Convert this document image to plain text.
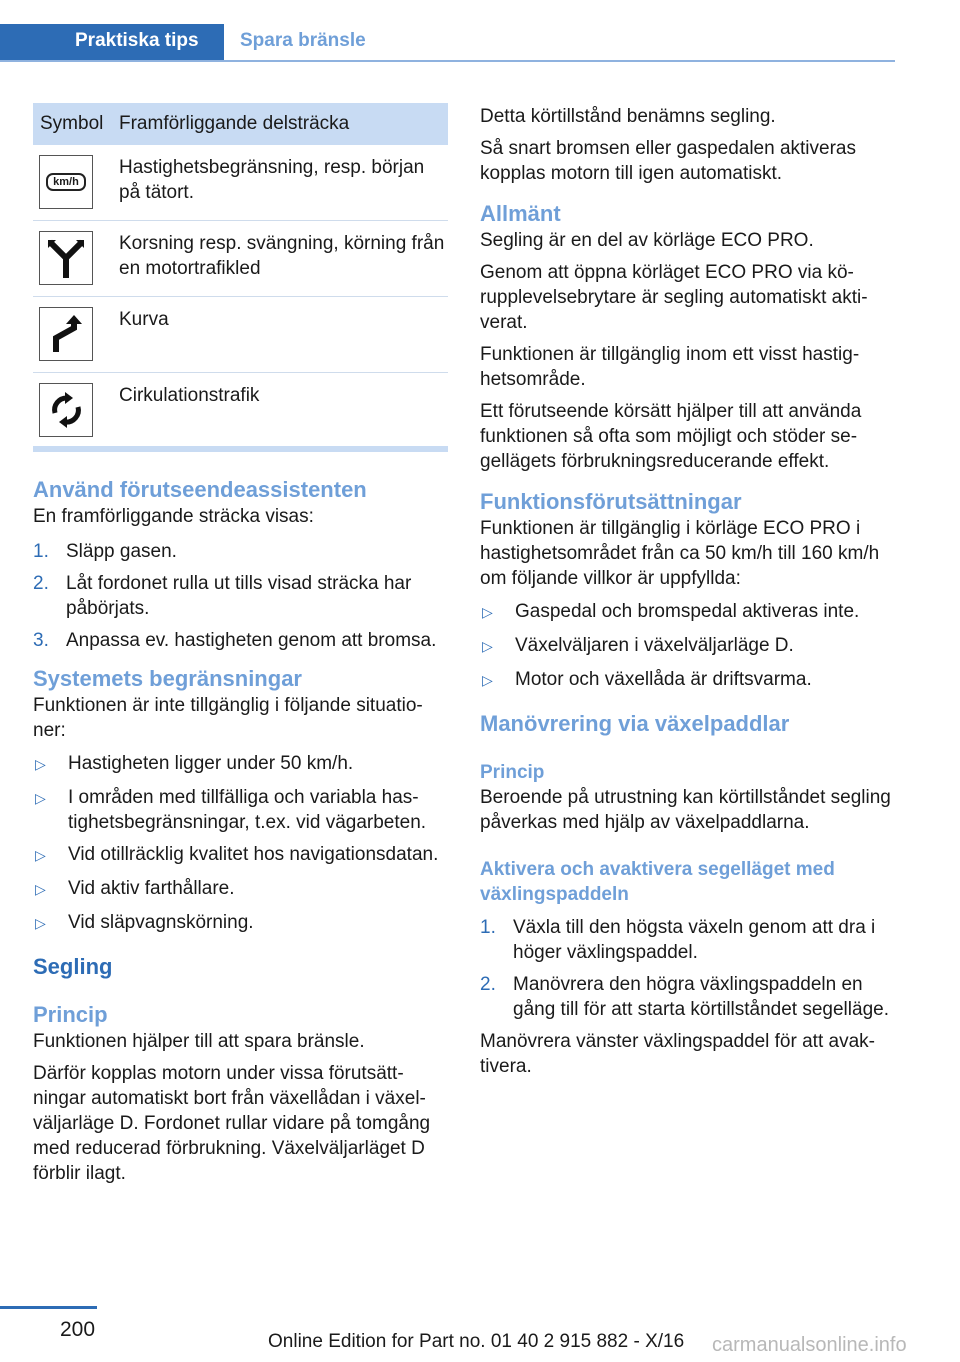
Praktiska tips Spara bränsle
Symbol	Framförliggande delsträcka

km/h	Hastighetsbegränsning, resp. början på tätort.

	Korsning resp. svängning, körning från en motortrafikled

	Kurva

	Cirkulationstrafik
Använd förutseendeassistenten
En framförliggande sträcka visas:
1. Släpp gasen.
2. Låt fordonet rulla ut tills visad sträcka har påbörjats.
3. Anpassa ev. hastigheten genom att bromsa.
Systemets begränsningar
Funktionen är inte tillgänglig i följande situationer:
▷	Hastigheten ligger under 50 km/h.
▷	I områden med tillfälliga och variabla hastighetsbegränsningar, t.ex. vid vägarbeten.
▷	Vid otillräcklig kvalitet hos navigationsdatan.
▷	Vid aktiv farthållare.
▷	Vid släpvagnskörning.
Segling
Princip
Funktionen hjälper till att spara bränsle.
Därför kopplas motorn under vissa förutsättningar automatiskt bort från växellådan i växelväljarläge D. Fordonet rullar vidare på tomgång med reducerad förbrukning. Växelväljarläget D förblir ilagt.
Detta körtillstånd benämns segling.
Så snart bromsen eller gaspedalen aktiveras kopplas motorn till igen automatiskt.
Allmänt
Segling är en del av körläge ECO PRO.
Genom att öppna körläget ECO PRO via körupplevelsebrytare är segling automatiskt aktiverat.
Funktionen är tillgänglig inom ett visst hastighetsområde.
Ett förutseende körsätt hjälper till att använda funktionen så ofta som möjligt och stöder segellägets förbrukningsreducerande effekt.
Funktionsförutsättningar
Funktionen är tillgänglig i körläge ECO PRO i hastighetsområdet från ca 50 km/h till 160 km/h om följande villkor är uppfyllda:
▷	Gaspedal och bromspedal aktiveras inte.
▷	Växelväljaren i växelväljarläge D.
▷	Motor och växellåda är driftsvarma.
Manövrering via växelpaddlar
Princip
Beroende på utrustning kan körtillståndet segling påverkas med hjälp av växelpaddlarna.
Aktivera och avaktivera segelläget med växlingspaddeln
1. Växla till den högsta växeln genom att dra i höger växlingspaddel.
2. Manövrera den högra växlingspaddeln en gång till för att starta körtillståndet segelläge.
Manövrera vänster växlingspaddel för att avaktivera.
200
Online Edition for Part no. 01 40 2 915 882 - X/16 carmanualsonline.info
